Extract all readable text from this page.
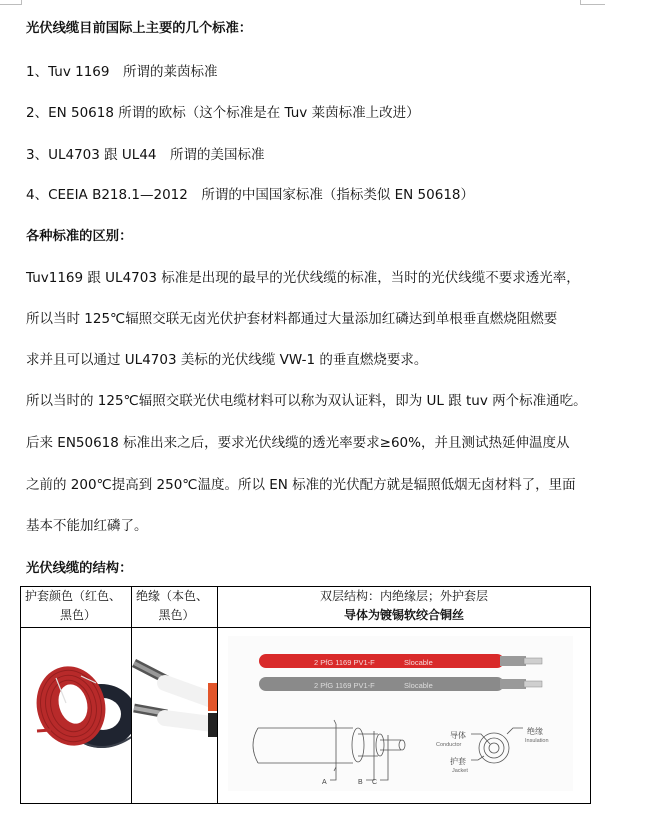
光伏线缆目前国际上主要的几个标准：
1、Tuv 1169　所谓的莱茵标准
2、EN 50618 所谓的欧标（这个标准是在 Tuv 莱茵标准上改进）
3、UL4703 跟 UL44　所谓的美国标准
4、CEEIA B218.1—2012　所谓的中国国家标准（指标类似 EN 50618）
各种标准的区别：
Tuv1169 跟 UL4703 标准是出现的最早的光伏线缆的标准，当时的光伏线缆不要求透光率，
所以当时 125℃辐照交联无卤光伏护套材料都通过大量添加红磷达到单根垂直燃烧阻燃要
求并且可以通过 UL4703 美标的光伏线缆 VW-1 的垂直燃烧要求。
所以当时的 125℃辐照交联光伏电缆材料可以称为双认证料，即为 UL 跟 tuv 两个标准通吃。
后来 EN50618 标准出来之后，要求光伏线缆的透光率要求≥60%，并且测试热延伸温度从
之前的 200℃提高到 250℃温度。所以 EN 标准的光伏配方就是辐照低烟无卤材料了，里面
基本不能加红磷了。
光伏线缆的结构：
护套颜色（红色、
黑色）	绝缘（本色、
黑色）	双层结构：内绝缘层；外护套层
导体为镀锡软绞合铜丝

2 PfG 1169 PV1-F	Slocable
2 PfG 1169 PV1-F	Slocable
A	B C
导体
Conductor
绝缘
Insulation
护套
Jacket
